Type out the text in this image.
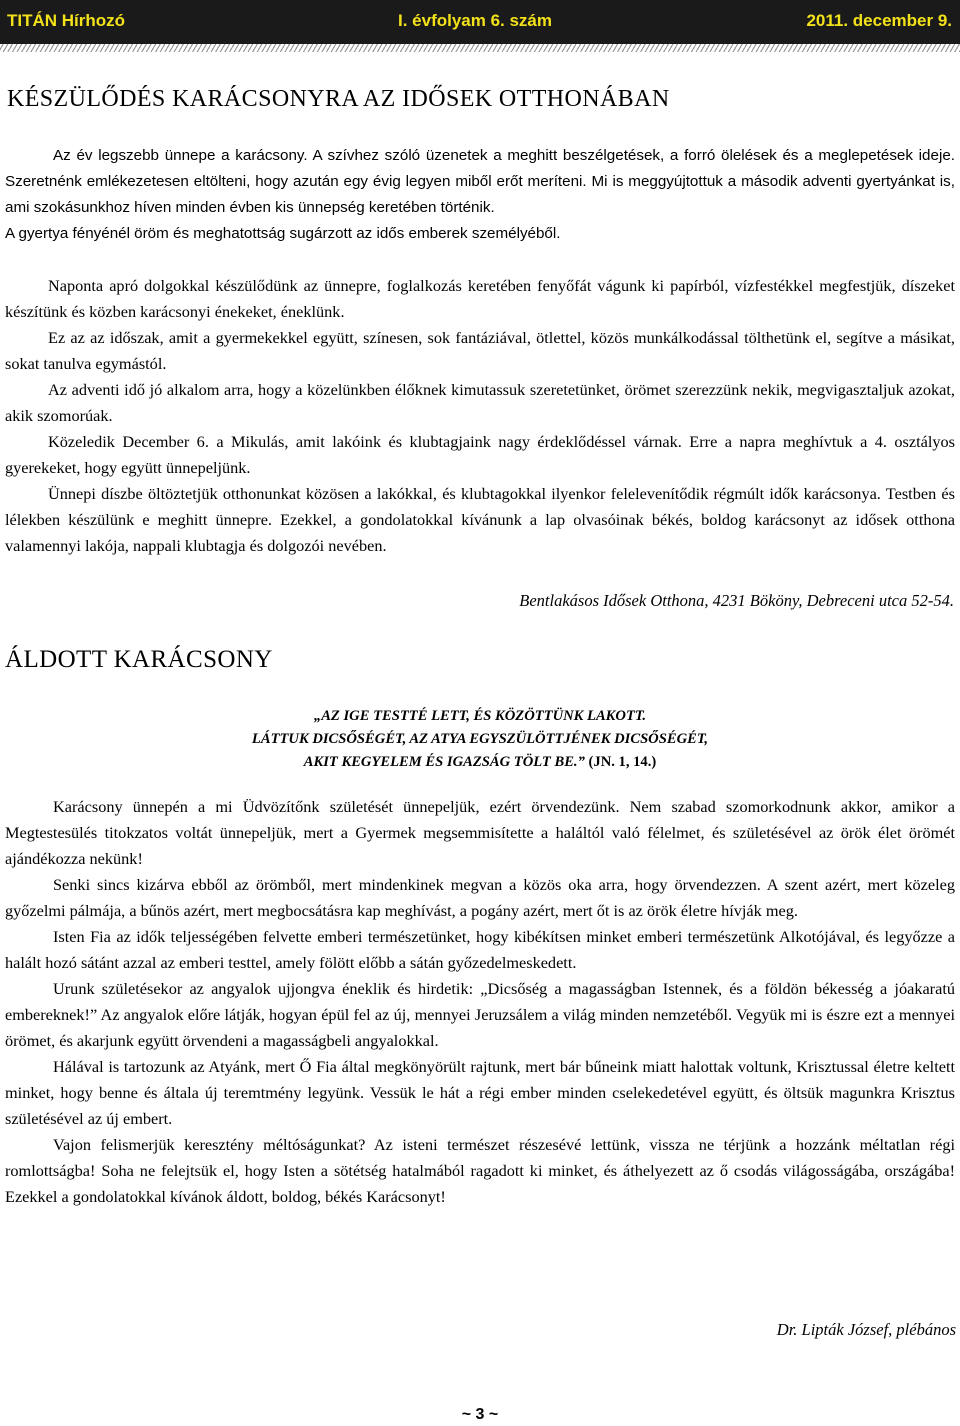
TITÁN Hírhozó	I. évfolyam 6. szám	2011. december 9.
KÉSZÜLŐDÉS KARÁCSONYRA AZ IDŐSEK OTTHONÁBAN

Az év legszebb ünnepe a karácsony. A szívhez szóló üzenetek a meghitt beszélgetések, a forró ölelések és a meglepetések ideje. Szeretnénk emlékezetesen eltölteni, hogy azután egy évig legyen miből erőt meríteni. Mi is meggyújtottuk a második adventi gyertyánkat is, ami szokásunkhoz híven minden évben kis ünnepség keretében történik.

A gyertya fényénél öröm és meghatottság sugárzott az idős emberek személyéből.

Naponta apró dolgokkal készülődünk az ünnepre, foglalkozás keretében fenyőfát vágunk ki papírból, vízfestékkel megfestjük, díszeket készítünk és közben karácsonyi énekeket, éneklünk.

Ez az az időszak, amit a gyermekekkel együtt, színesen, sok fantáziával, ötlettel, közös munkálkodással tölthetünk el, segítve a másikat, sokat tanulva egymástól.

Az adventi idő jó alkalom arra, hogy a közelünkben élőknek kimutassuk szeretetünket, örömet szerezzünk nekik, megvigasztaljuk azokat, akik szomorúak.

Közeledik December 6. a Mikulás, amit lakóink és klubtagjaink nagy érdeklődéssel várnak. Erre a napra meghívtuk a 4. osztályos gyerekeket, hogy együtt ünnepeljünk.

Ünnepi díszbe öltöztetjük otthonunkat közösen a lakókkal, és klubtagokkal ilyenkor felelevenítődik régmúlt idők karácsonya. Testben és lélekben készülünk e meghitt ünnepre. Ezekkel, a gondolatokkal kívánunk a lap olvasóinak békés, boldog karácsonyt az idősek otthona valamennyi lakója, nappali klubtagja és dolgozói nevében.

Bentlakásos Idősek Otthona, 4231 Bököny, Debreceni utca 52-54.
ÁLDOTT KARÁCSONY
„AZ IGE TESTTÉ LETT, ÉS KÖZÖTTÜNK LAKOTT.
LÁTTUK DICSŐSÉGÉT, AZ ATYA EGYSZÜLÖTTJÉNEK DICSŐSÉGÉT,
AKIT KEGYELEM ÉS IGAZSÁG TÖLT BE.” (JN. 1, 14.)

Karácsony ünnepén a mi Üdvözítőnk születését ünnepeljük, ezért örvendezünk. Nem szabad szomorkodnunk akkor, amikor a Megtestesülés titokzatos voltát ünnepeljük, mert a Gyermek megsemmisítette a haláltól való félelmet, és születésével az örök élet örömét ajándékozza nekünk!

Senki sincs kizárva ebből az örömből, mert mindenkinek megvan a közös oka arra, hogy örvendezzen. A szent azért, mert közeleg győzelmi pálmája, a bűnös azért, mert megbocsátásra kap meghívást, a pogány azért, mert őt is az örök életre hívják meg.

Isten Fia az idők teljességében felvette emberi természetünket, hogy kibékítsen minket emberi természetünk Alkotójával, és legyőzze a halált hozó sátánt azzal az emberi testtel, amely fölött előbb a sátán győzedelmeskedett.

Urunk születésekor az angyalok ujjongva éneklik és hirdetik: „Dicsőség a magasságban Istennek, és a földön békesség a jóakaratú embereknek!” Az angyalok előre látják, hogyan épül fel az új, mennyei Jeruzsálem a világ minden nemzetéből. Vegyük mi is észre ezt a mennyei örömet, és akarjunk együtt örvendeni a magasságbeli angyalokkal.

Hálával is tartozunk az Atyánk, mert Ő Fia által megkönyörült rajtunk, mert bár bűneink miatt halottak voltunk, Krisztussal életre keltett minket, hogy benne és általa új teremtmény legyünk. Vessük le hát a régi ember minden cselekedetével együtt, és öltsük magunkra Krisztus születésével az új embert.

Vajon felismerjük keresztény méltóságunkat? Az isteni természet részesévé lettünk, vissza ne térjünk a hozzánk méltatlan régi romlottságba! Soha ne felejtsük el, hogy Isten a sötétség hatalmából ragadott ki minket, és áthelyezett az ő csodás világosságába, országába! Ezekkel a gondolatokkal kívánok áldott, boldog, békés Karácsonyt!

Dr. Lipták József, plébános
~ 3 ~
